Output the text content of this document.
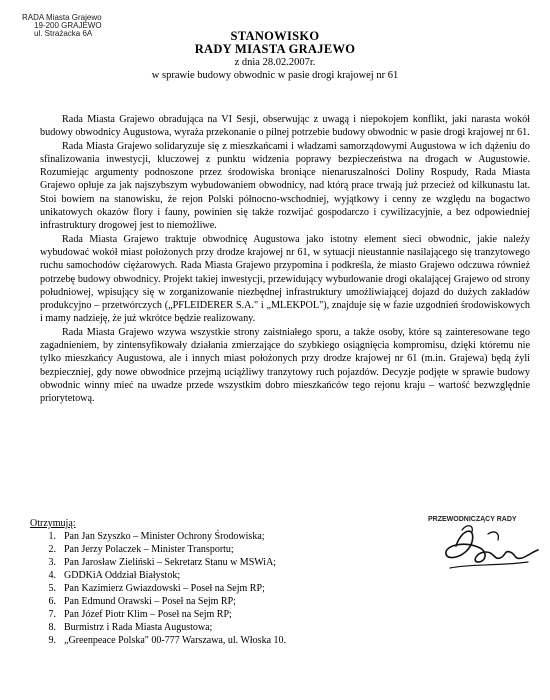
RADA Miasta Grajewo
19-200 GRAJEWO
ul. Strażacka 6A	STANOWISKO
RADY MIASTA GRAJEWO
z dnia 28.02.2007r.
w sprawie budowy obwodnic w pasie drogi krajowej nr 61

Rada Miasta Grajewo obradująca na VI Sesji, obserwując z uwagą i niepokojem konflikt, jaki narasta wokół budowy obwodnicy Augustowa, wyraża przekonanie o pilnej potrzebie budowy obwodnic w pasie drogi krajowej nr 61.

Rada Miasta Grajewo solidaryzuje się z mieszkańcami i władzami samorządowymi Augustowa w ich dążeniu do sfinalizowania inwestycji, kluczowej z punktu widzenia poprawy bezpieczeństwa na drogach w Augustowie. Rozumiejąc argumenty podnoszone przez środowiska broniące nienaruszalności Doliny Rospudy, Rada Miasta Grajewo opłuje za jak najszybszym wybudowaniem obwodnicy, nad którą prace trwają już przecież od kilkunastu lat. Stoi bowiem na stanowisku, że rejon Polski północno-wschodniej, wyjątkowy i cenny ze względu na bogactwo unikatowych okazów flory i fauny, powinien się także rozwijać gospodarczo i cywilizacyjnie, a bez odpowiedniej infrastruktury drogowej jest to niemożliwe.

Rada Miasta Grajewo traktuje obwodnicę Augustowa jako istotny element sieci obwodnic, jakie należy wybudować wokół miast położonych przy drodze krajowej nr 61, w sytuacji nieustannie nasilającego się tranzytowego ruchu samochodów ciężarowych. Rada Miasta Grajewo przypomina i podkreśla, że miasto Grajewo odczuwa również potrzebę budowy obwodnicy. Projekt takiej inwestycji, przewidujący wybudowanie drogi okalającej Grajewo od strony południowej, wpisujący się w zorganizowanie niezbędnej infrastruktury umożliwiającej dojazd do dużych zakładów produkcyjno – przetwórczych („PFLEIDERER S.A." i „MLEKPOL"), znajduje się w fazie uzgodnień środowiskowych i mamy nadzieję, że już wkrótce będzie realizowany.

Rada Miasta Grajewo wzywa wszystkie strony zaistniałego sporu, a także osoby, które są zainteresowane tego zagadnieniem, by zintensyfikowały działania zmierzające do szybkiego osiągnięcia kompromisu, dzięki któremu nie tylko mieszkańcy Augustowa, ale i innych miast położonych przy drodze krajowej nr 61 (m.in. Grajewa) będą żyli bezpieczniej, gdy nowe obwodnice przejmą uciążliwy tranzytowy ruch pojazdów. Decyzje podjęte w sprawie budowy obwodnic winny mieć na uwadze przede wszystkim dobro mieszkańców tego rejonu kraju – wartość bezwzględnie priorytetową.

Otrzymują:
1. Pan Jan Szyszko – Minister Ochrony Środowiska;
2. Pan Jerzy Polaczek – Minister Transportu;
3. Pan Jarosław Zieliński – Sekretarz Stanu w MSWiA;
4. GDDKiA Oddział Białystok;
5. Pan Kazimierz Gwiazdowski – Poseł na Sejm RP;
6. Pan Edmund Orawski – Poseł na Sejm RP;
7. Pan Józef Piotr Klim – Poseł na Sejm RP;
8. Burmistrz i Rada Miasta Augustowa;
9. „Greenpeace Polska" 00-777 Warszawa, ul. Włoska 10.
PRZEWODNICZĄCY RADY
